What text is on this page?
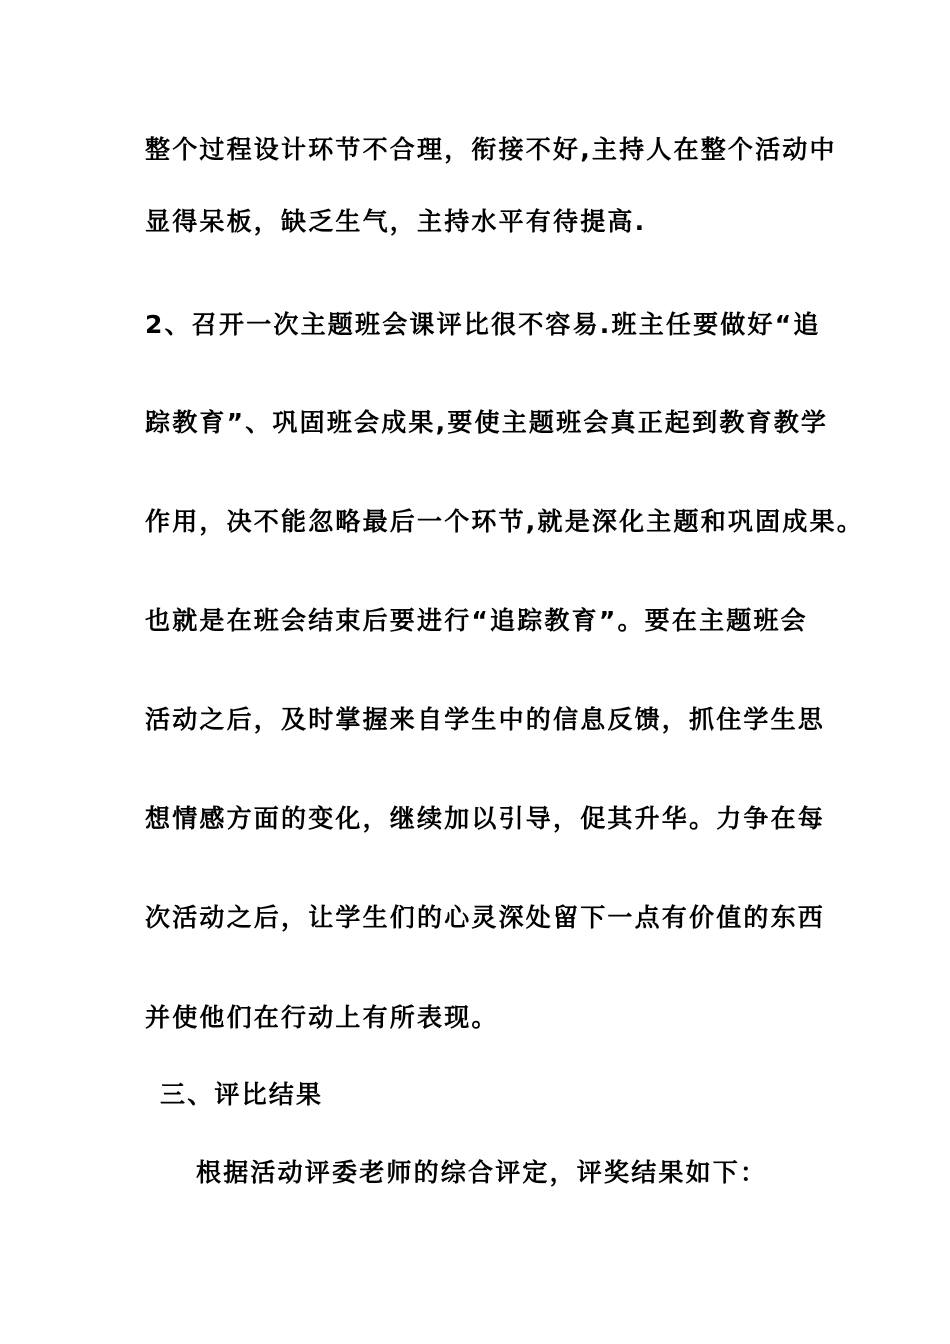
整个过程设计环节不合理，衔接不好,主持人在整个活动中
显得呆板，缺乏生气，主持水平有待提高.
2、召开一次主题班会课评比很不容易.班主任要做好“追
踪教育”、巩固班会成果,要使主题班会真正起到教育教学
作用，决不能忽略最后一个环节,就是深化主题和巩固成果。
也就是在班会结束后要进行“追踪教育”。要在主题班会
活动之后，及时掌握来自学生中的信息反馈，抓住学生思
想情感方面的变化，继续加以引导，促其升华。力争在每
次活动之后，让学生们的心灵深处留下一点有价值的东西
并使他们在行动上有所表现。
三、评比结果
根据活动评委老师的综合评定，评奖结果如下：
